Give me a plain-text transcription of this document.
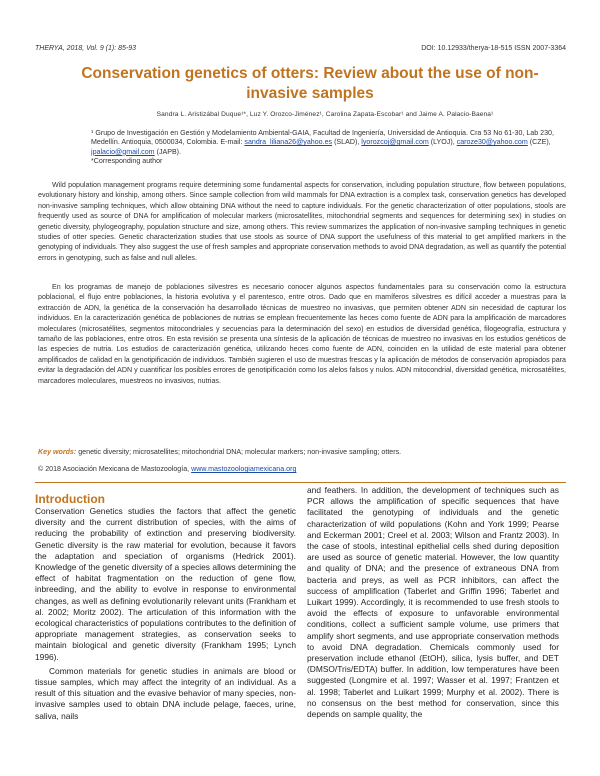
THERYA, 2018, Vol. 9 (1): 85-93	DOI: 10.12933/therya-18-515 ISSN 2007-3364
Conservation genetics of otters: Review about the use of non-invasive samples
Sandra L. Aristizábal Duque¹*, Luz Y. Orozco-Jiménez¹, Carolina Zapata-Escobar¹ and Jaime A. Palacio-Baena¹
¹ Grupo de Investigación en Gestión y Modelamiento Ambiental-GAIA, Facultad de Ingeniería, Universidad de Antioquia. Cra 53 No 61-30, Lab 230, Medellín. Antioquia, 0500034, Colombia. E-mail: sandra_liliana26@yahoo.es (SLAD), lyorozcoj@gmail.com (LYOJ), caroze30@yahoo.com (CZE), jpalacio@gmail.com (JAPB).
*Corresponding author

Wild population management programs require determining some fundamental aspects for conservation, including population structure, flow between populations, evolutionary history and kinship, among others. Since sample collection from wild mammals for DNA extraction is a complex task, conservation genetics has developed non-invasive sampling techniques, which allow obtaining DNA without the need to capture individuals. For the genetic characterization of otter populations, stools are frequently used as source of DNA for amplification of molecular markers (microsatellites, mitochondrial segments and sequences for determining sex) in studies on genetic diversity, phylogeography, population structure and size, among others. This review summarizes the application of non-invasive sampling techniques in genetic studies of otter species. Genetic characterization studies that use stools as source of DNA support the usefulness of this material to get amplified markers in the genotyping of individuals. They also suggest the use of fresh samples and appropriate conservation methods to avoid DNA degradation, as well as quantify the potential errors in genotyping, such as false and null alleles.

En los programas de manejo de poblaciones silvestres es necesario conocer algunos aspectos fundamentales para su conservación como la estructura poblacional, el flujo entre poblaciones, la historia evolutiva y el parentesco, entre otros. Dado que en mamíferos silvestres es difícil acceder a muestras para la extracción de ADN, la genética de la conservación ha desarrollado técnicas de muestreo no invasivas, que permiten obtener ADN sin necesidad de capturar los individuos. En la caracterización genética de poblaciones de nutrias se emplean frecuentemente las heces como fuente de ADN para la amplificación de marcadores moleculares (microsatélites, segmentos mitocondriales y secuencias para la determinación del sexo) en estudios de diversidad genética, filogeografía, estructura y tamaño de las poblaciones, entre otros. En esta revisión se presenta una síntesis de la aplicación de técnicas de muestreo no invasivas en los estudios genéticos de las especies de nutria. Los estudios de caracterización genética, utilizando heces como fuente de ADN, coinciden en la utilidad de este material para obtener amplificados de calidad en la genotipificación de individuos. También sugieren el uso de muestras frescas y la aplicación de métodos de conservación apropiados para evitar la degradación del ADN y cuantificar los posibles errores de genotipificación como los alelos falsos y nulos. ADN mitocondrial, diversidad genética, microsatélites, marcadores moleculares, muestreos no invasivos, nutrias.

Key words: genetic diversity; microsatellites; mitochondrial DNA; molecular markers; non-invasive sampling; otters.
© 2018 Asociación Mexicana de Mastozoología, www.mastozoologiamexicana.org
Introduction

Conservation Genetics studies the factors that affect the genetic diversity and the current distribution of species, with the aims of reducing the probability of extinction and preserving biodiversity. Genetic diversity is the raw material for evolution, because it favors the adaptation and speciation of organisms (Hedrick 2001). Knowledge of the genetic diversity of a species allows determining the effect of habitat fragmentation on the reduction of gene flow, inbreeding, and the ability to evolve in response to environmental changes, as well as defining evolutionarily relevant units (Frankham et al. 2002; Moritz 2002). The articulation of this information with the ecological characteristics of populations contributes to the definition of appropriate management strategies, as conservation seeks to maintain biological and genetic diversity (Frankham 1995; Lynch 1996).

Common materials for genetic studies in animals are blood or tissue samples, which may affect the integrity of an individual. As a result of this situation and the evasive behavior of many species, non-invasive samples used to obtain DNA include pelage, faeces, urine, saliva, nails

and feathers. In addition, the development of techniques such as PCR allows the amplification of specific sequences that have facilitated the genotyping of individuals and the genetic characterization of wild populations (Kohn and York 1999; Pearse and Eckerman 2001; Creel et al. 2003; Wilson and Frantz 2003). In the case of stools, intestinal epithelial cells shed during deposition are used as source of genetic material. However, the low quantity and quality of DNA; and the presence of extraneous DNA from bacteria and preys, as well as PCR inhibitors, can affect the success of amplification (Taberlet and Griffin 1996; Taberlet and Luikart 1999). Accordingly, it is recommended to use fresh stools to avoid the effects of exposure to unfavorable environmental conditions, collect a sufficient sample volume, use primers that amplify short segments, and use appropriate conservation methods to avoid DNA degradation. Chemicals commonly used for preservation include ethanol (EtOH), silica, lysis buffer, and DET (DMSO/Tris/EDTA) buffer. In addition, low temperatures have been suggested (Longmire et al. 1997; Wasser et al. 1997; Frantzen et al. 1998; Taberlet and Luikart 1999; Murphy et al. 2002). There is no consensus on the best method for conservation, since this depends on sample quality, the
